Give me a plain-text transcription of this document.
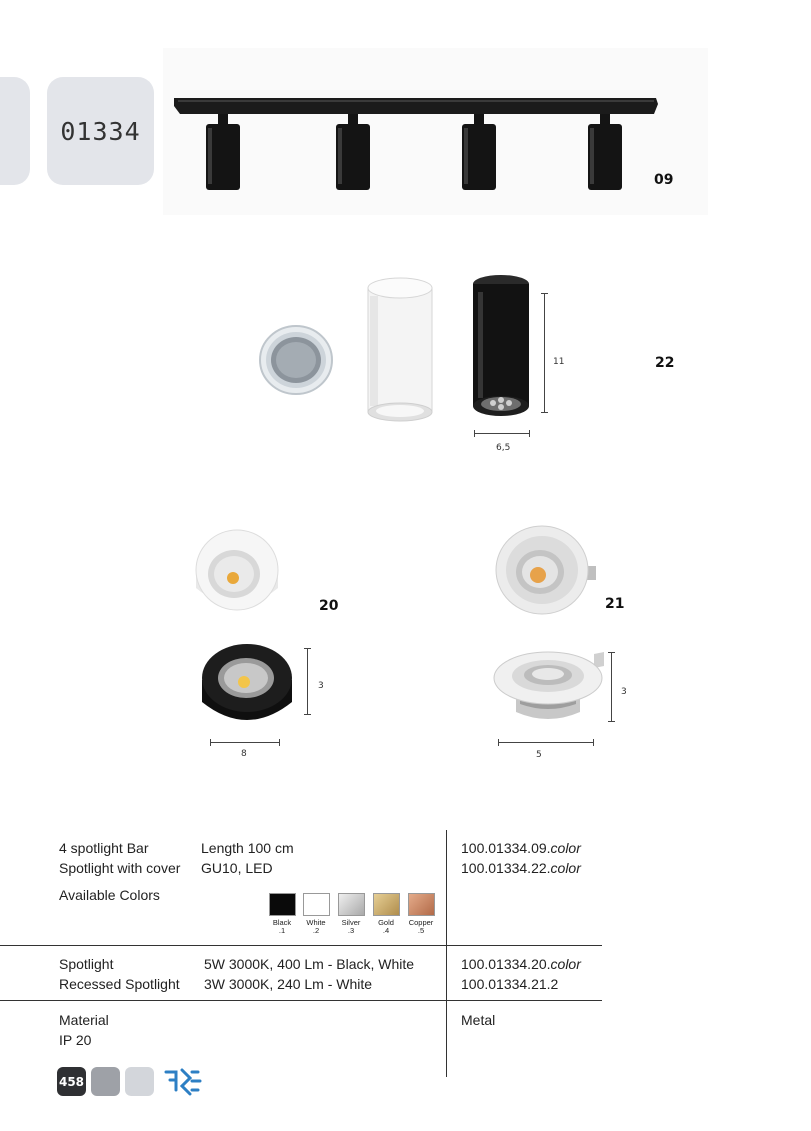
01334
09
11
6,5
22
20
3
8
21
3
5
4 spotlight Bar	Length 100 cm
Spotlight with cover GU10, LED
Available Colors
100.01334.09.color
100.01334.22.color
Black
.1
White
.2
Silver
.3
Gold
.4
Copper
.5
Spotlight	5W 3000K, 400 Lm - Black, White
Recessed Spotlight 3W 3000K, 240 Lm - White
100.01334.20.color
100.01334.21.2
Material
IP 20
Metal
458
